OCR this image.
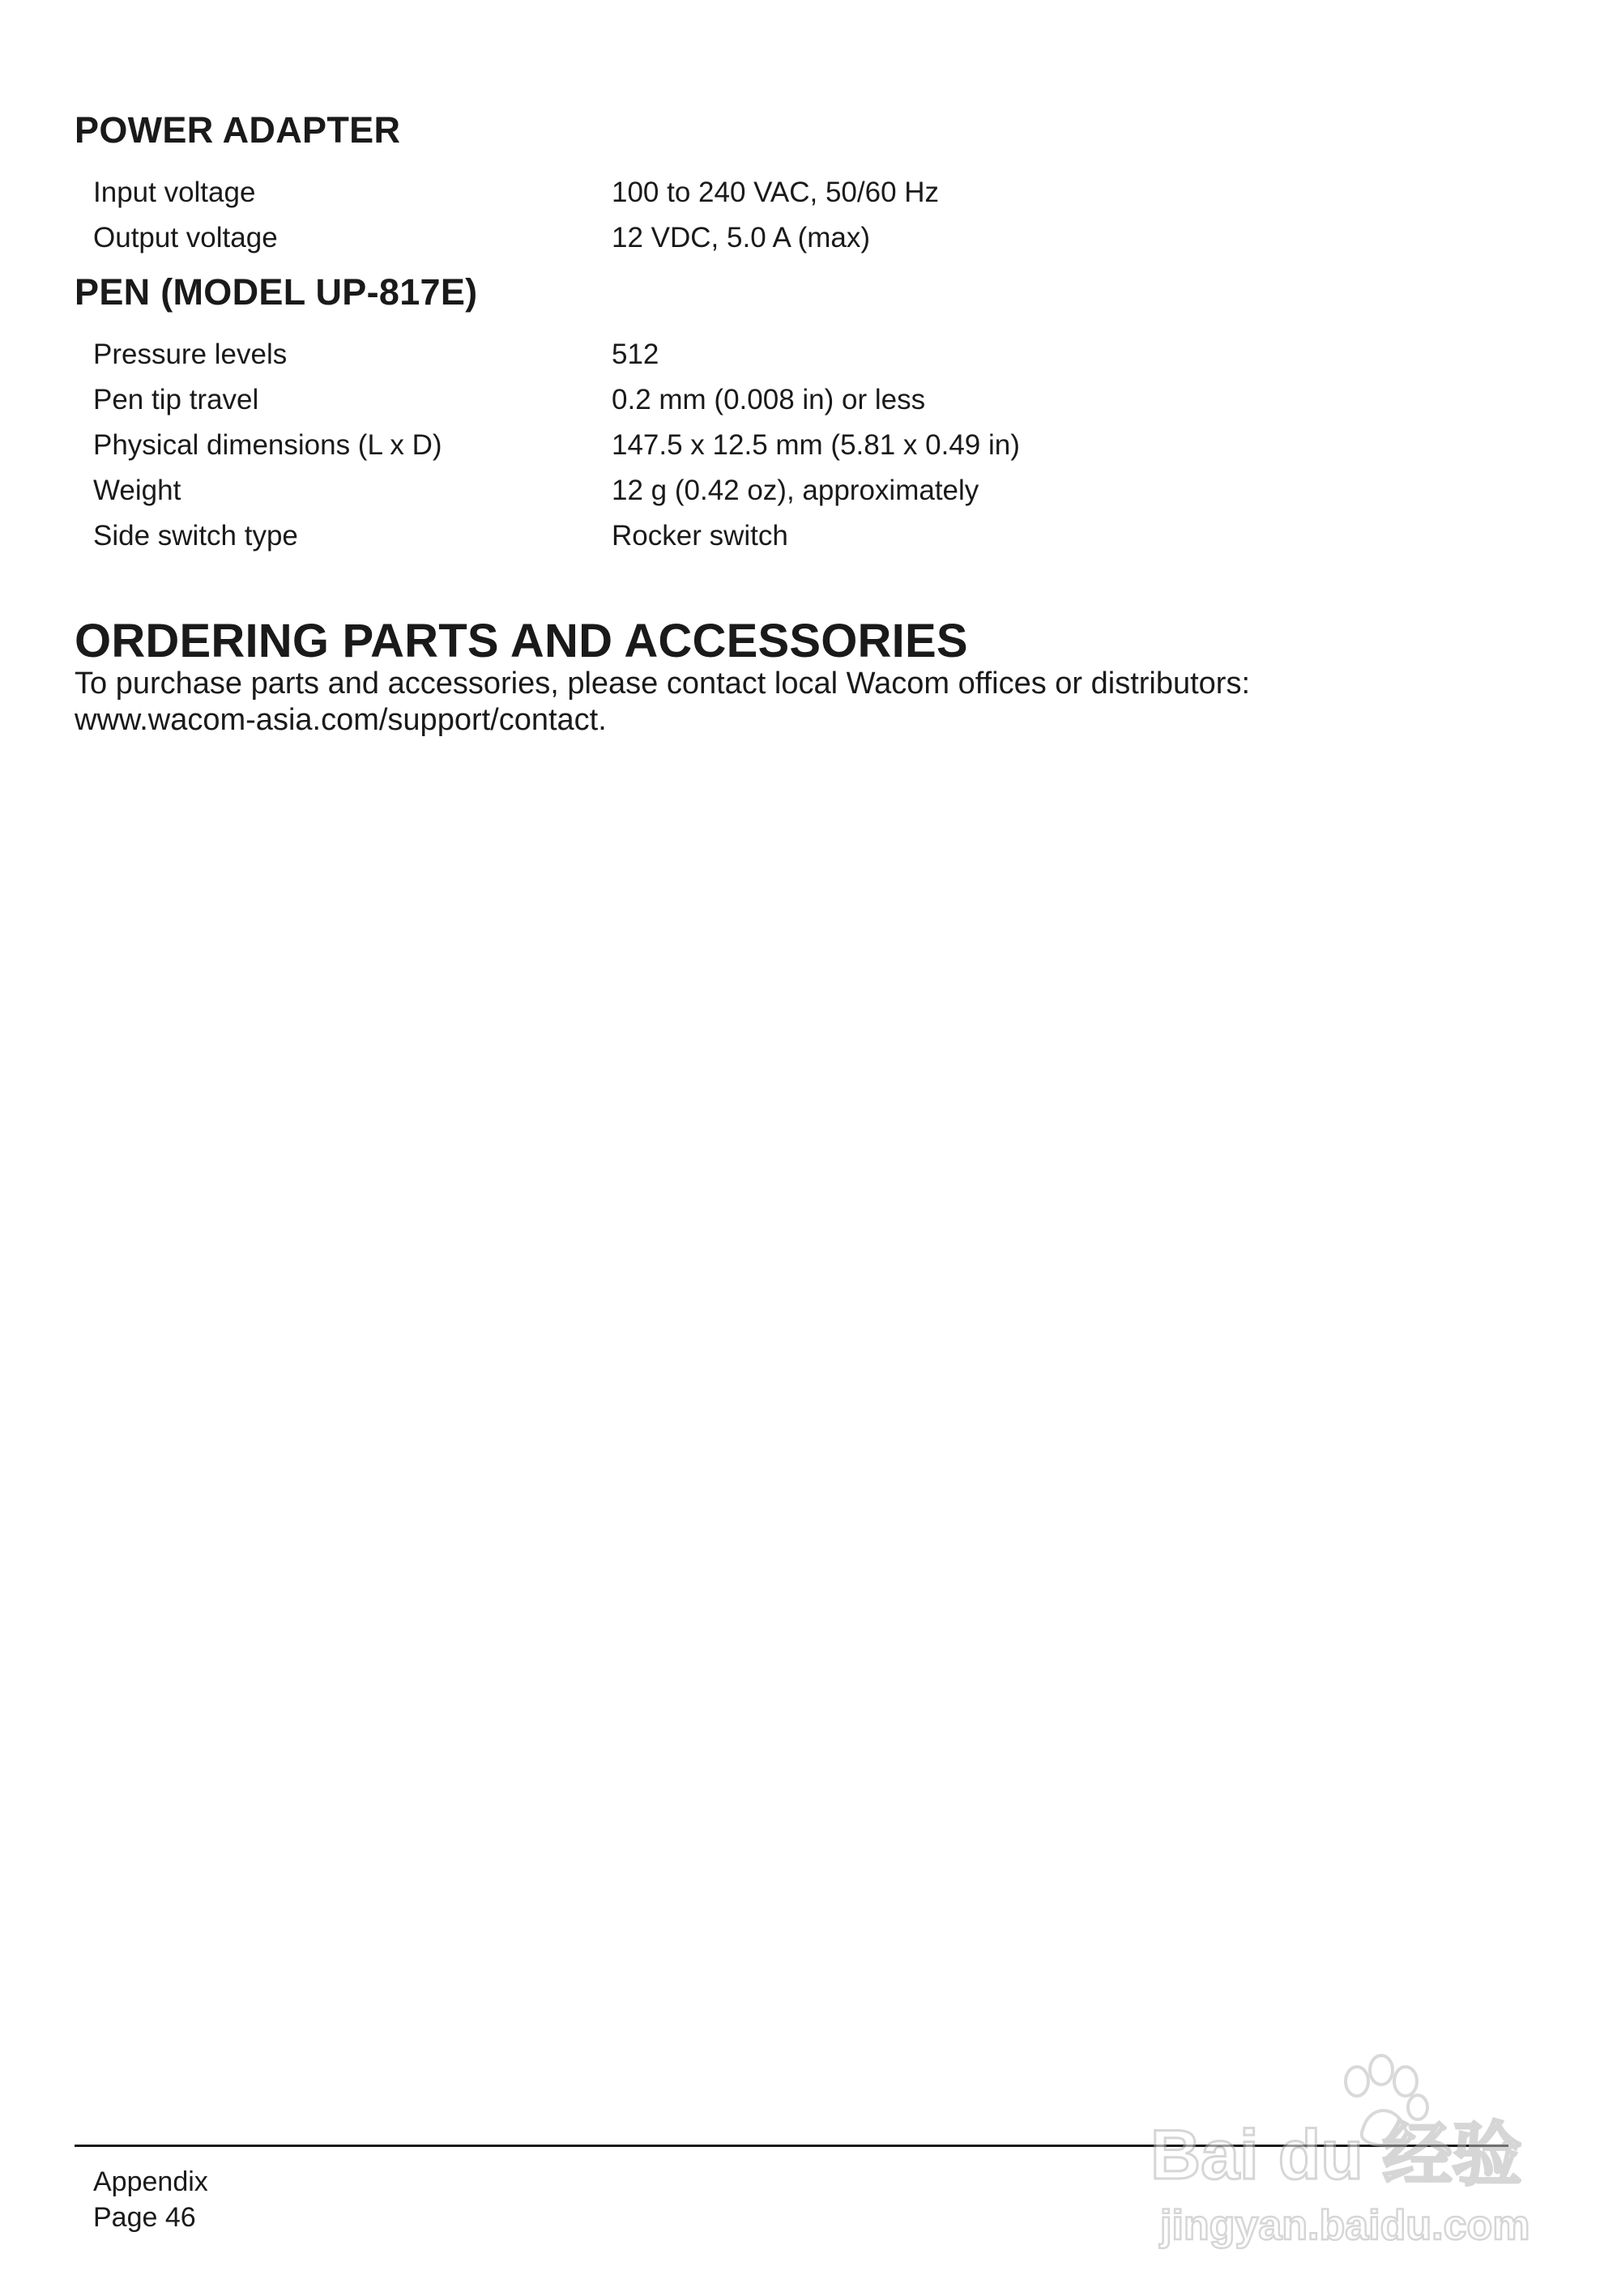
POWER ADAPTER
Input voltage	100 to 240 VAC, 50/60 Hz
Output voltage	12 VDC, 5.0 A (max)
PEN (MODEL UP-817E)
Pressure levels	512
Pen tip travel	0.2 mm (0.008 in) or less
Physical dimensions (L x D)	147.5 x 12.5 mm (5.81 x 0.49 in)
Weight	12 g (0.42 oz), approximately
Side switch type	Rocker switch
ORDERING PARTS AND ACCESSORIES
To purchase parts and accessories, please contact local Wacom offices or distributors:
www.wacom-asia.com/support/contact.
Appendix
Page 46
Bai du 经验
jingyan.baidu.com
